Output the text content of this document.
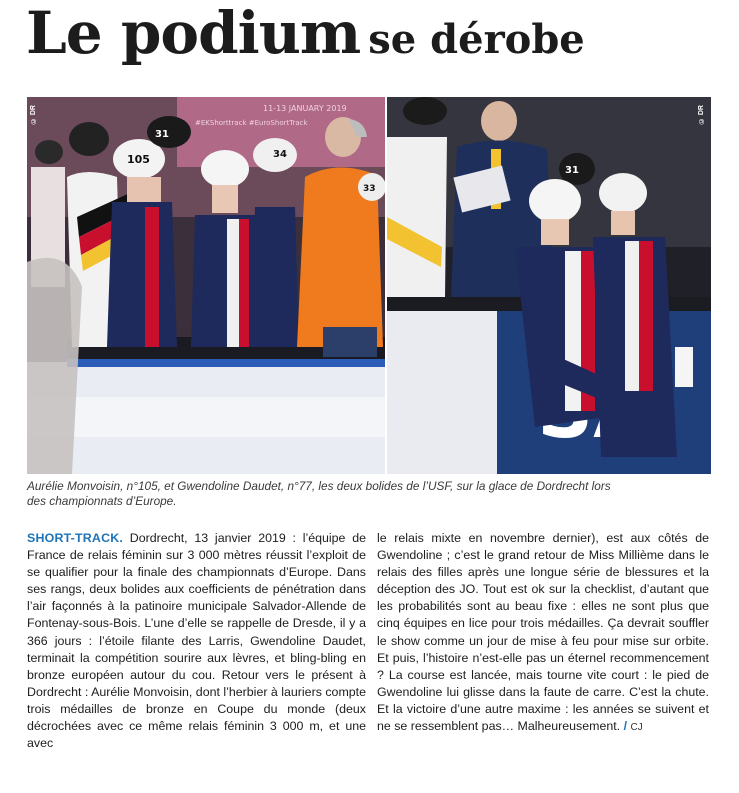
Le podium se dérobe
11-13 JANUARY 2019
#EKShorttrack #EuroShortTrack
105
31
34
33
© DR
31
© DR

Aurélie Monvoisin, n°105, et Gwendoline Daudet, n°77, les deux bolides de l’USF, sur la glace de Dordrecht lors des championnats d’Europe.

SHORT-TRACK. Dordrecht, 13 janvier 2019 : l’équipe de France de relais féminin sur 3 000 mètres réussit l’exploit de se qualifier pour la finale des championnats d’Europe. Dans ses rangs, deux bolides aux coefficients de pénétration dans l’air façonnés à la patinoire municipale Salvador-Allende de Fontenay-sous-Bois. L’une d’elle se rappelle de Dresde, il y a 366 jours : l’étoile filante des Larris, Gwendoline Daudet, terminait la compétition sourire aux lèvres, et bling-bling en bronze européen autour du cou. Retour vers le présent à Dordrecht : Aurélie Monvoisin, dont l’herbier à lauriers compte trois médailles de bronze en Coupe du monde (deux décrochées avec ce même relais féminin 3 000 m, et une avec

le relais mixte en novembre dernier), est aux côtés de Gwendoline ; c’est le grand retour de Miss Millième dans le relais des filles après une longue série de blessures et la déception des JO. Tout est ok sur la checklist, d’autant que les probabilités sont au beau fixe : elles ne sont plus que cinq équipes en lice pour trois médailles. Ça devrait souffler le show comme un jour de mise à feu pour mise sur orbite. Et puis, l’histoire n’est-elle pas un éternel recommencement ? La course est lancée, mais tourne vite court : le pied de Gwendoline lui glisse dans la faute de carre. C’est la chute. Et la victoire d’une autre maxime : les années se suivent et ne se ressemblent pas… Malheureusement. / CJ
